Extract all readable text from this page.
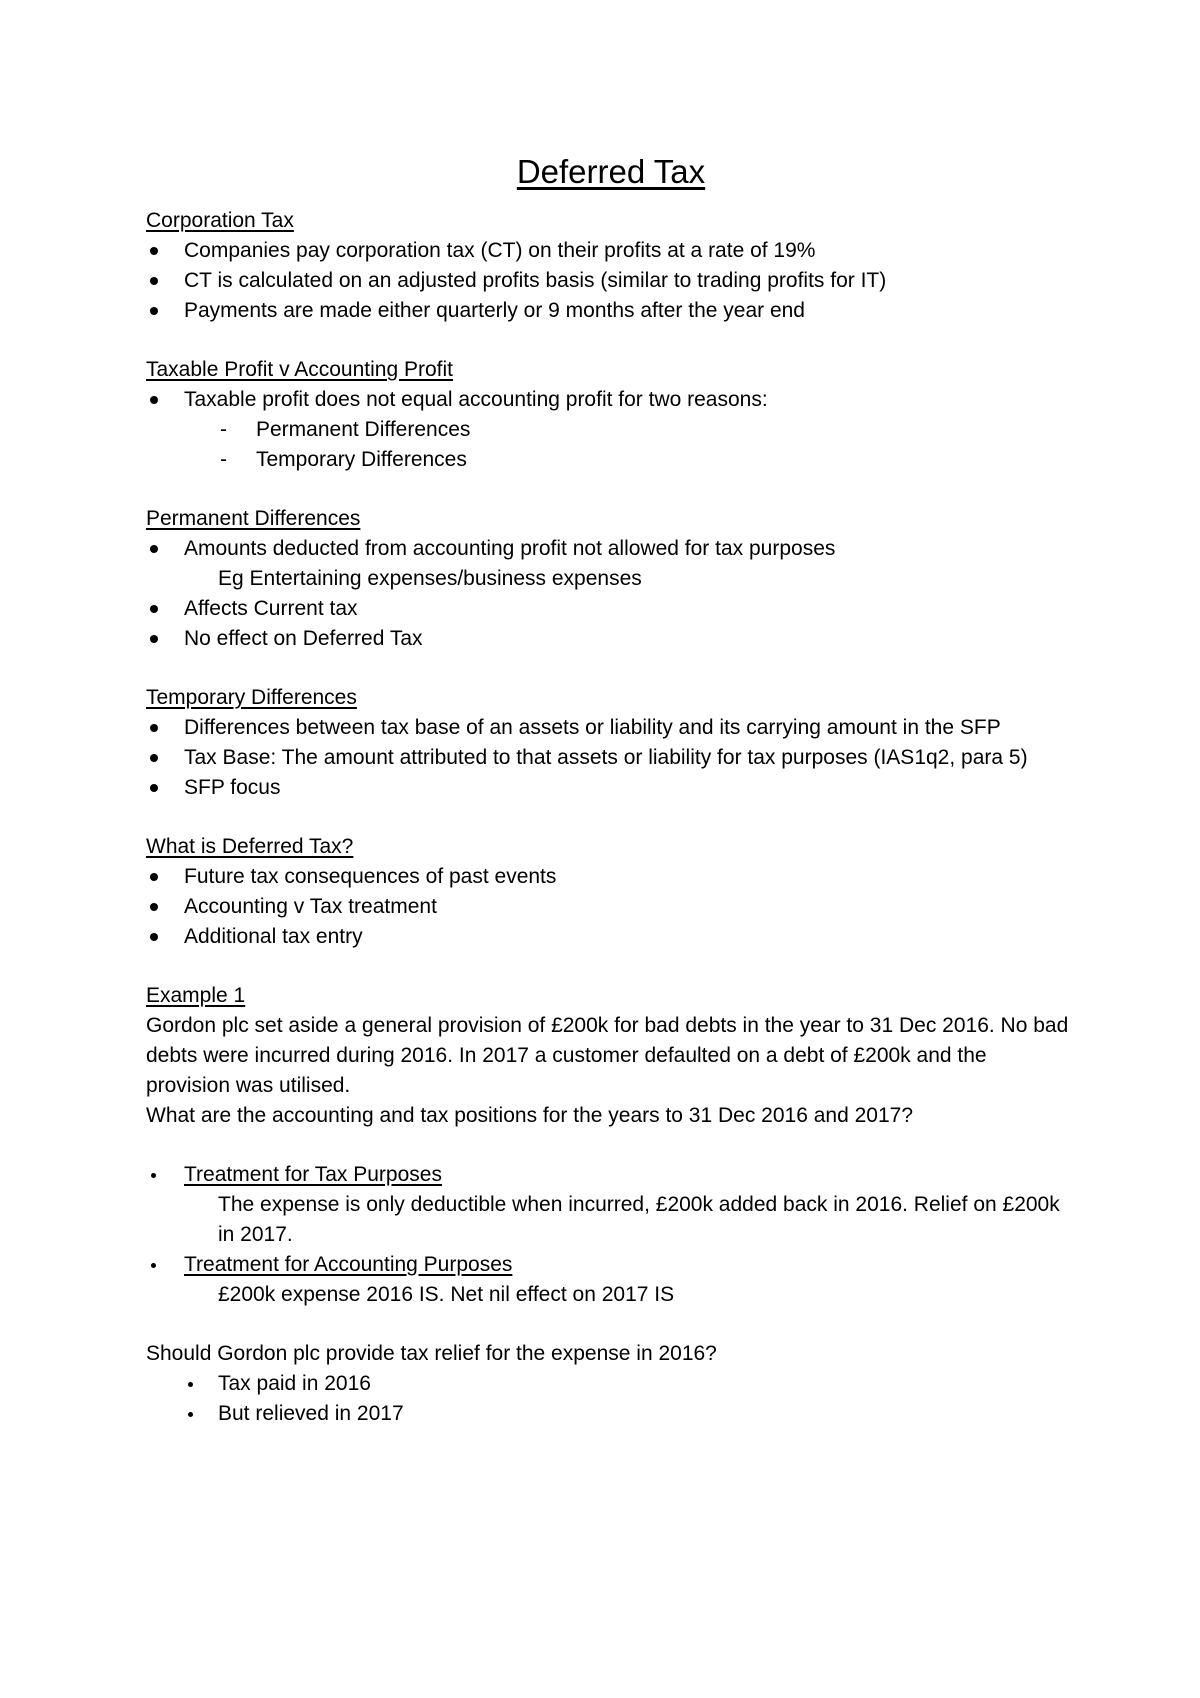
Deferred Tax
Corporation Tax
Companies pay corporation tax (CT) on their profits at a rate of 19%
CT is calculated on an adjusted profits basis (similar to trading profits for IT)
Payments are made either quarterly or 9 months after the year end
Taxable Profit v Accounting Profit
Taxable profit does not equal accounting profit for two reasons:
- Permanent Differences
- Temporary Differences
Permanent Differences
Amounts deducted from accounting profit not allowed for tax purposes
Eg Entertaining expenses/business expenses
Affects Current tax
No effect on Deferred Tax
Temporary Differences
Differences between tax base of an assets or liability and its carrying amount in the SFP
Tax Base: The amount attributed to that assets or liability for tax purposes (IAS1q2, para 5)
SFP focus
What is Deferred Tax?
Future tax consequences of past events
Accounting v Tax treatment
Additional tax entry
Example 1

Gordon plc set aside a general provision of £200k for bad debts in the year to 31 Dec 2016. No bad debts were incurred during 2016. In 2017 a customer defaulted on a debt of £200k and the provision was utilised.

What are the accounting and tax positions for the years to 31 Dec 2016 and 2017?

Treatment for Tax Purposes
The expense is only deductible when incurred, £200k added back in 2016. Relief on £200k in 2017.
Treatment for Accounting Purposes
£200k expense 2016 IS. Net nil effect on 2017 IS

Should Gordon plc provide tax relief for the expense in 2016?

Tax paid in 2016
But relieved in 2017
